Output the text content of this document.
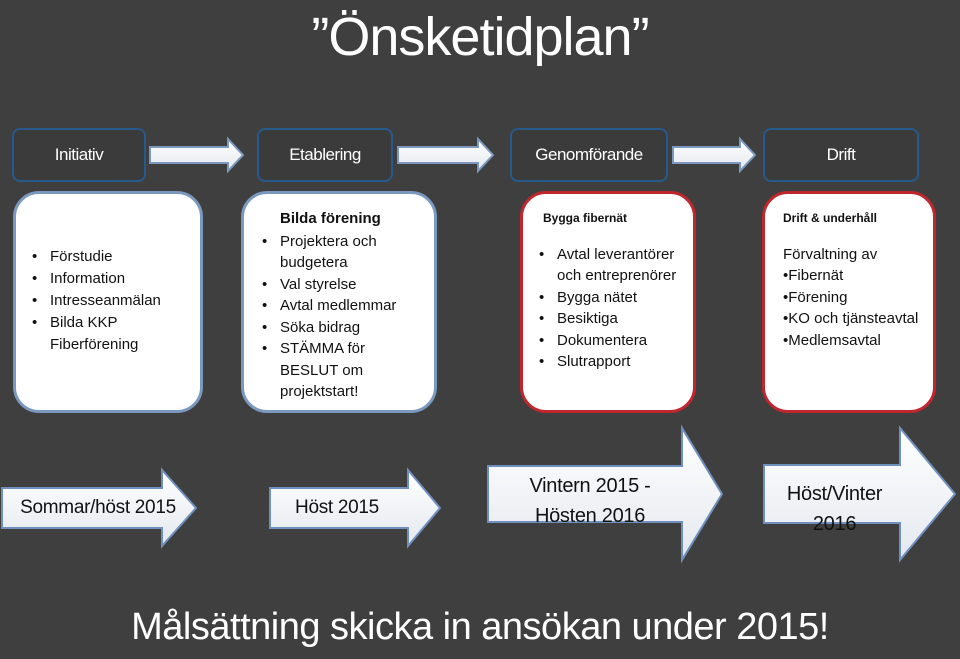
”Önsketidplan”
Initiativ	Etablering	Genomförande	Drift
• Förstudie
• Information
• Intresseanmälan
• Bilda KKP Fiberförening
Bilda förening
• Projektera och budgetera
• Val styrelse
• Avtal medlemmar
• Söka bidrag
• STÄMMA för BESLUT om projektstart!
Bygga fibernät
• Avtal leverantörer och entreprenörer
• Bygga nätet
• Besiktiga
• Dokumentera
• Slutrapport
Drift & underhåll
Förvaltning av
•Fibernät
•Förening
•KO och tjänsteavtal
•Medlemsavtal
Sommar/höst 2015	Höst 2015
Vintern 2015 -Hösten 2016
Höst/Vinter 2016
Målsättning skicka in ansökan under 2015!
